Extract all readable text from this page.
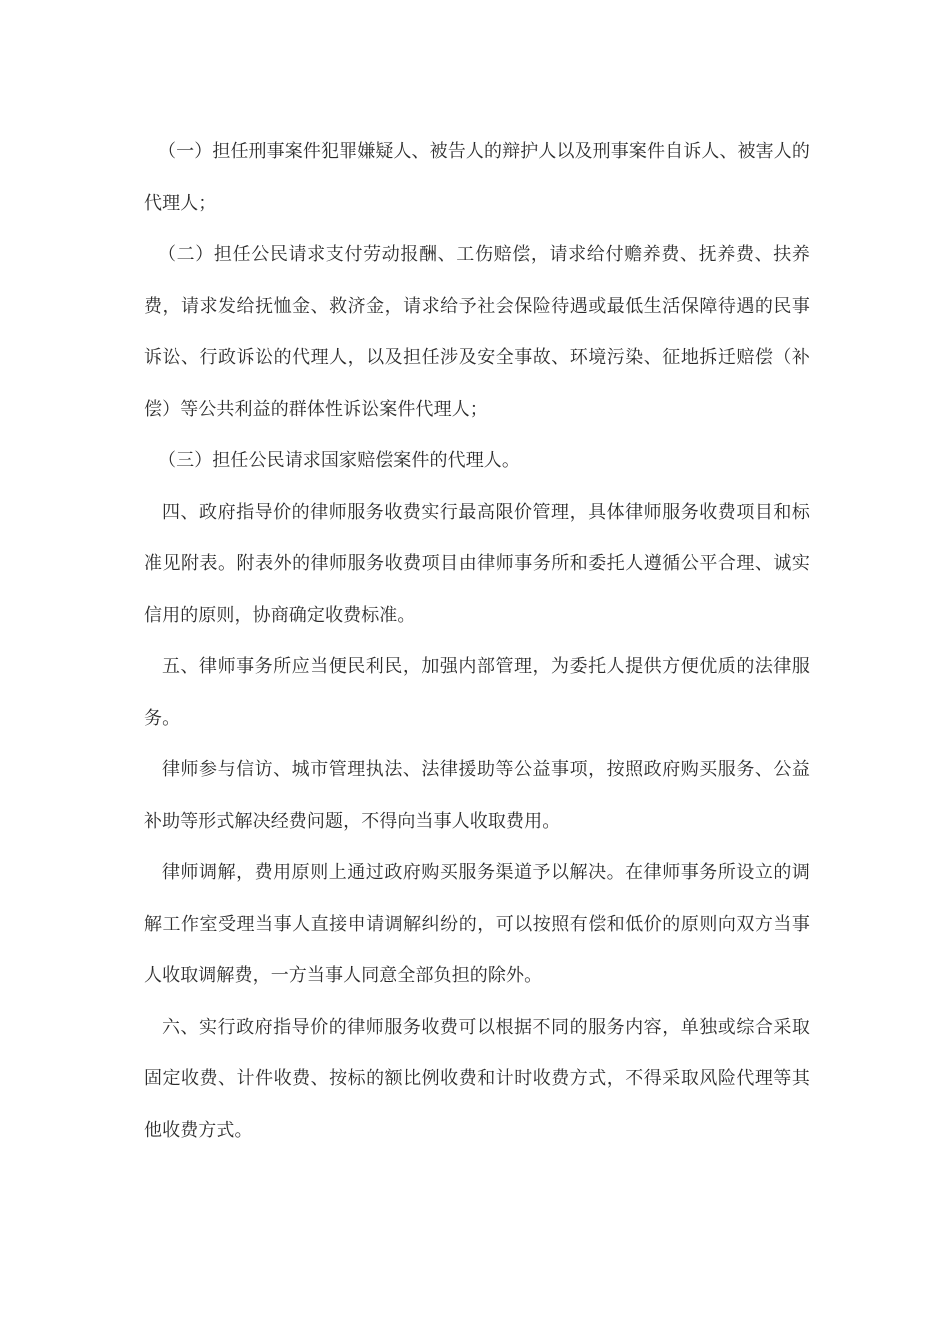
（一）担任刑事案件犯罪嫌疑人、被告人的辩护人以及刑事案件自诉人、被害人的代理人；

（二）担任公民请求支付劳动报酬、工伤赔偿，请求给付赡养费、抚养费、扶养费，请求发给抚恤金、救济金，请求给予社会保险待遇或最低生活保障待遇的民事诉讼、行政诉讼的代理人，以及担任涉及安全事故、环境污染、征地拆迁赔偿（补偿）等公共利益的群体性诉讼案件代理人；

（三）担任公民请求国家赔偿案件的代理人。

四、政府指导价的律师服务收费实行最高限价管理，具体律师服务收费项目和标准见附表。附表外的律师服务收费项目由律师事务所和委托人遵循公平合理、诚实信用的原则，协商确定收费标准。

五、律师事务所应当便民利民，加强内部管理，为委托人提供方便优质的法律服务。

律师参与信访、城市管理执法、法律援助等公益事项，按照政府购买服务、公益补助等形式解决经费问题，不得向当事人收取费用。

律师调解，费用原则上通过政府购买服务渠道予以解决。在律师事务所设立的调解工作室受理当事人直接申请调解纠纷的，可以按照有偿和低价的原则向双方当事人收取调解费，一方当事人同意全部负担的除外。

六、实行政府指导价的律师服务收费可以根据不同的服务内容，单独或综合采取固定收费、计件收费、按标的额比例收费和计时收费方式，不得采取风险代理等其他收费方式。
